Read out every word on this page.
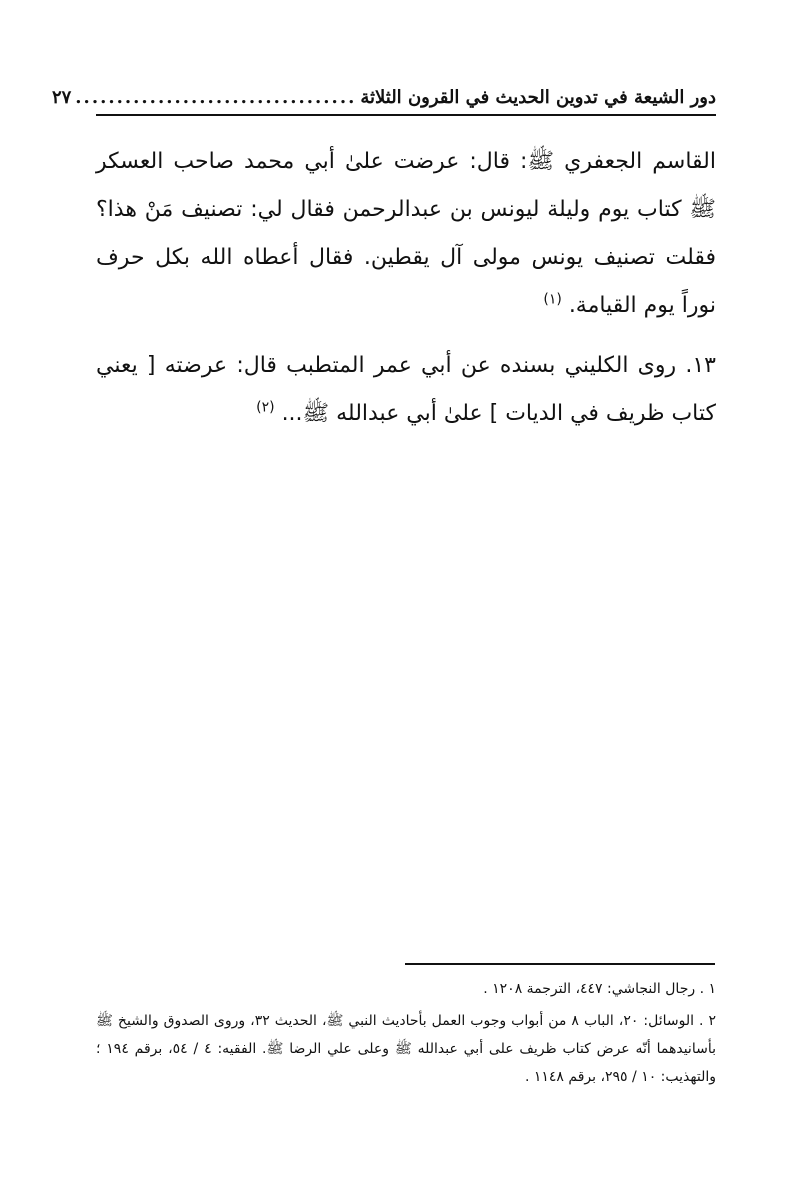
دور الشيعة في تدوين الحديث في القرون الثلاثة
..................................
٢٧

القاسم الجعفري ﷺ: قال: عرضت علىٰ أبي محمد صاحب العسكر ﷺ كتاب يوم وليلة ليونس بن عبدالرحمن فقال لي: تصنيف مَنْ هذا؟ فقلت تصنيف يونس مولى آل يقطين. فقال أعطاه الله بكل حرف نوراً يوم القيامة. $^{(١)}$

١٣. روى الكليني بسنده عن أبي عمر المتطبب قال: عرضته [ يعني كتاب ظريف في الديات ] علىٰ أبي عبدالله ﷺ... $^{(٢)}$

١ . رجال النجاشي: ٤٤٧، الترجمة ١٢٠٨ .

٢ . الوسائل: ٢٠، الباب ٨ من أبواب وجوب العمل بأحاديث النبي ﷺ، الحديث ٣٢، وروى الصدوق والشيخ ﷺ بأسانيدهما أنّه عرض كتاب ظريف على أبي عبدالله ﷺ وعلى علي الرضا ﷺ. الفقيه: ٤ / ٥٤، برقم ١٩٤ ؛ والتهذيب: ١٠ / ٢٩٥، برقم ١١٤٨ .
